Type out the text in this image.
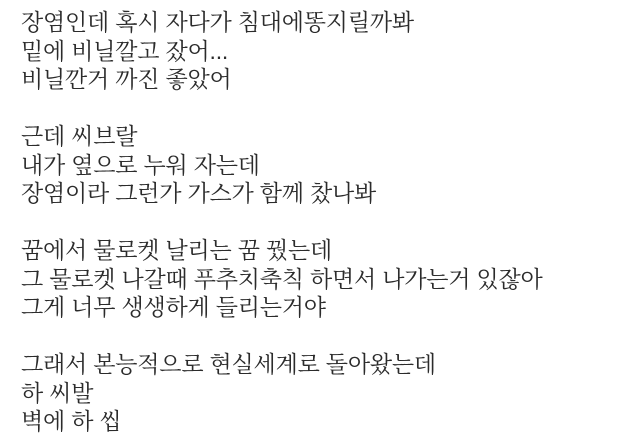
장염인데 혹시 자다가 침대에똥지릴까봐
밑에 비닐깔고 잤어...
비닐깐거 까진 좋았어
근데 씨브랄
내가 옆으로 누워 자는데
장염이라 그런가 가스가 함께 찼나봐
꿈에서 물로켓 날리는 꿈 꿨는데
그 물로켓 나갈때 푸추치축칙 하면서 나가는거 있잖아
그게 너무 생생하게 들리는거야
그래서 본능적으로 현실세계로 돌아왔는데
하 씨발
벽에 하 씹
